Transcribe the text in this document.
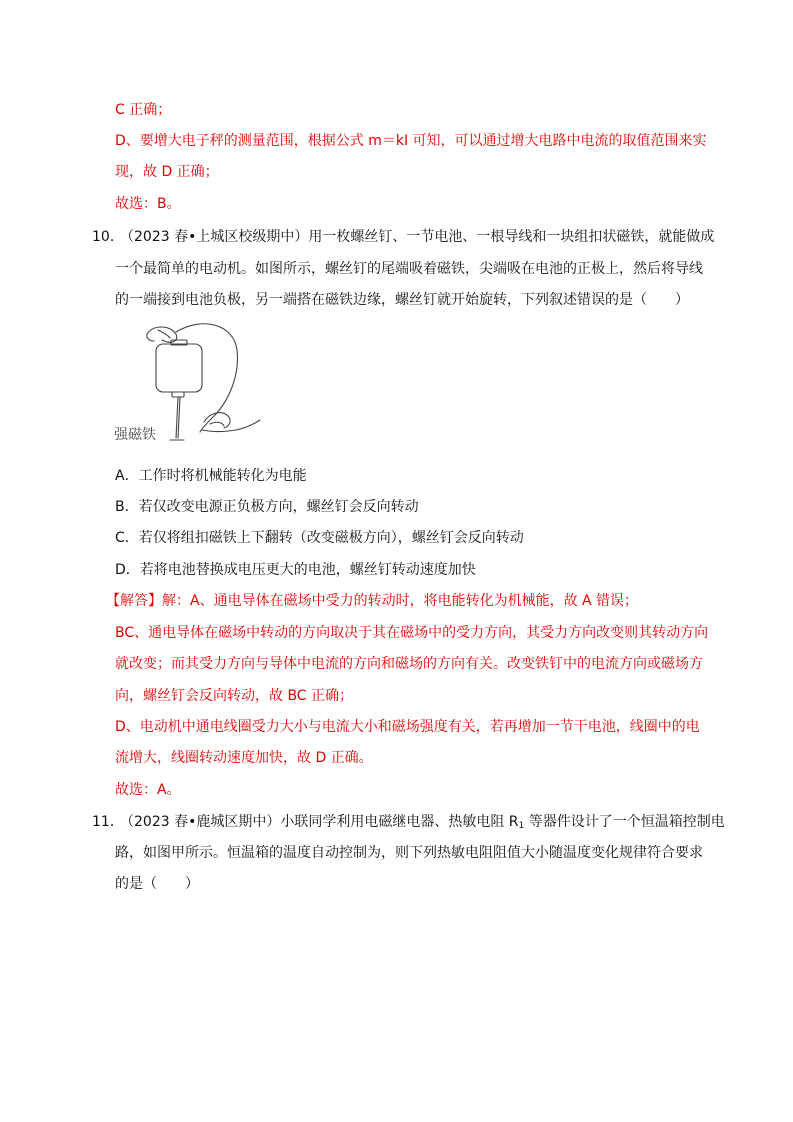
C 正确；
D、要增大电子秤的测量范围，根据公式 m＝kI 可知，可以通过增大电路中电流的取值范围来实
现，故 D 正确；
故选：B。
10．
（2023 春•上城区校级期中）用一枚螺丝钉、一节电池、一根导线和一块组扣状磁铁，就能做成
一个最简单的电动机。如图所示，螺丝钉的尾端吸着磁铁，尖端吸在电池的正极上，然后将导线
的一端接到电池负极，另一端搭在磁铁边缘，螺丝钉就开始旋转，下列叙述错误的是（　　）
强磁铁
A．工作时将机械能转化为电能
B．若仅改变电源正负极方向，螺丝钉会反向转动
C．若仅将组扣磁铁上下翻转（改变磁极方向），螺丝钉会反向转动
D．若将电池替换成电压更大的电池，螺丝钉转动速度加快
【解答】解：A、通电导体在磁场中受力的转动时，将电能转化为机械能，故 A 错误；
BC、通电导体在磁场中转动的方向取决于其在磁场中的受力方向，其受力方向改变则其转动方向
就改变；而其受力方向与导体中电流的方向和磁场的方向有关。改变铁钉中的电流方向或磁场方
向，螺丝钉会反向转动，故 BC 正确；
D、电动机中通电线圈受力大小与电流大小和磁场强度有关，若再增加一节干电池，线圈中的电
流增大，线圈转动速度加快，故 D 正确。
故选：A。
11．
（2023 春•鹿城区期中）小联同学利用电磁继电器、热敏电阻 $R_1$ 等器件设计了一个恒温箱控制电
路，如图甲所示。恒温箱的温度自动控制为，则下列热敏电阻阻值大小随温度变化规律符合要求
的是（　　）
